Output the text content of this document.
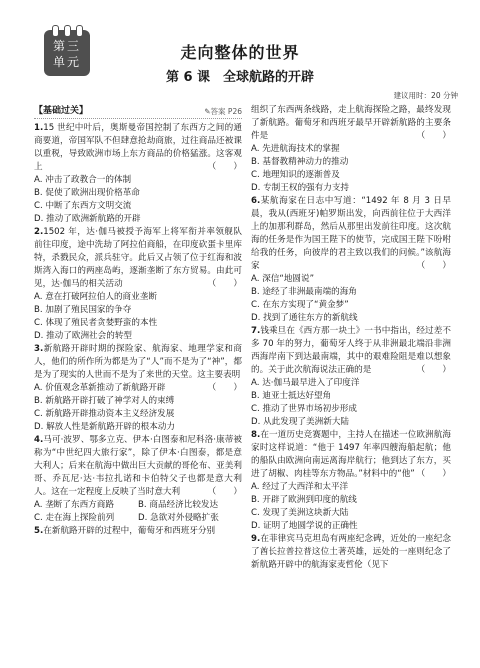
第三
单元	走向整体的世界
第 6 课　全球航路的开辟
建议用时：20 分钟
【基础过关】	✎答案 P26

1.15 世纪中叶后，奥斯曼帝国控制了东西方之间的通商要道，帝国军队不但肆意抢劫商旅，过往商品还被课以重税，导致欧洲市场上东方商品的价格猛涨。这客观上	（　　）

A. 冲击了政教合一的体制

B. 促使了欧洲出现价格革命

C. 中断了东西方文明交流

D. 推动了欧洲新航路的开辟

2.1502 年，达·伽马被授予海军上将军衔并率领舰队前往印度，途中洗劫了阿拉伯商船，在印度砍蛋卡里库特，杀戮民众，派兵驻守。此后又占领了位于红海和波斯湾入海口的两座岛屿，逐渐垄断了东方贸易。由此可见，达·伽马的相关活动	（　　）

A. 意在打破阿拉伯人的商业垄断

B. 加剧了殖民国家的争夺

C. 体现了殖民者贪婪野蛮的本性

D. 推动了欧洲社会的转型

3.新航路开辟时期的探险家、航海家、地理学家和商人，他们的所作所为都是为了“人”而不是为了“神”，都是为了现实的人世而不是为了来世的天堂。这主要表明
（　　）

A. 价值观念革新推动了新航路开辟

B. 新航路开辟打破了神学对人的束缚

C. 新航路开辟推动资本主义经济发展

D. 解放人性是新航路开辟的根本动力

4.马可·波罗、鄂多立克、伊本·白图泰和尼科洛·康蒂被称为“中世纪四大旅行家”，除了伊本·白图泰，都是意大利人；后来在航海中做出巨大贡献的哥伦布、亚美利哥、乔瓦尼·达·韦拉扎诺和卡伯特父子也都是意大利人。这在一定程度上反映了当时意大利	（　　）

A. 垄断了东西方商路	B. 商品经济比较发达

C. 走在海上探险前列	D. 急欲对外侵略扩张

5.在新航路开辟的过程中，葡萄牙和西班牙分别

组织了东西两条线路，走上航海探险之路，最终发现了新航路。葡萄牙和西班牙最早开辟新航路的主要条件是	（　　）

A. 先进航海技术的掌握

B. 基督教精神动力的推动

C. 地理知识的逐渐普及

D. 专制王权的强有力支持

6.某航海家在日志中写道：“1492 年 8 月 3 日早晨，我从(西班牙)帕罗斯出发，向西前往位于大西洋上的加那利群岛，然后从那里出发前往印度。这次航海的任务是作为国王陛下的使节，完成国王陛下吩咐给我的任务，向彼岸的君主致以我们的问候。”该航海家	（　　）

A. 深信“地圆说”

B. 途经了非洲最南端的海角

C. 在东方实现了“黄金梦”

D. 找到了通往东方的新航线

7.钱乘旦在《西方那一块土》一书中指出，经过差不多 70 年的努力，葡萄牙人终于从非洲最北端沿非洲西海岸南下到达最南端，其中的艰难险阻是难以想象的。关于此次航海说法正确的是	（　　）

A. 达·伽马最早进入了印度洋

B. 迪亚士抵达好望角

C. 推动了世界市场初步形成

D. 从此发现了美洲新大陆

8.在一道历史竞赛题中，主持人在描述一位欧洲航海家时这样说道：“他于 1497 年率四艘海船起航；他的船队由欧洲向南远离海岸航行；他到达了东方，买进了胡椒、肉桂等东方物品。”材料中的“他” （　　）

A. 经过了大西洋和太平洋

B. 开辟了欧洲到印度的航线

C. 发现了美洲这块新大陆

D. 证明了地圆学说的正确性

9.在菲律宾马克坦岛有两座纪念碑，近处的一座纪念了酋长拉普拉普这位土著英雄，远处的一座则纪念了新航路开辟中的航海家麦哲伦（见下
